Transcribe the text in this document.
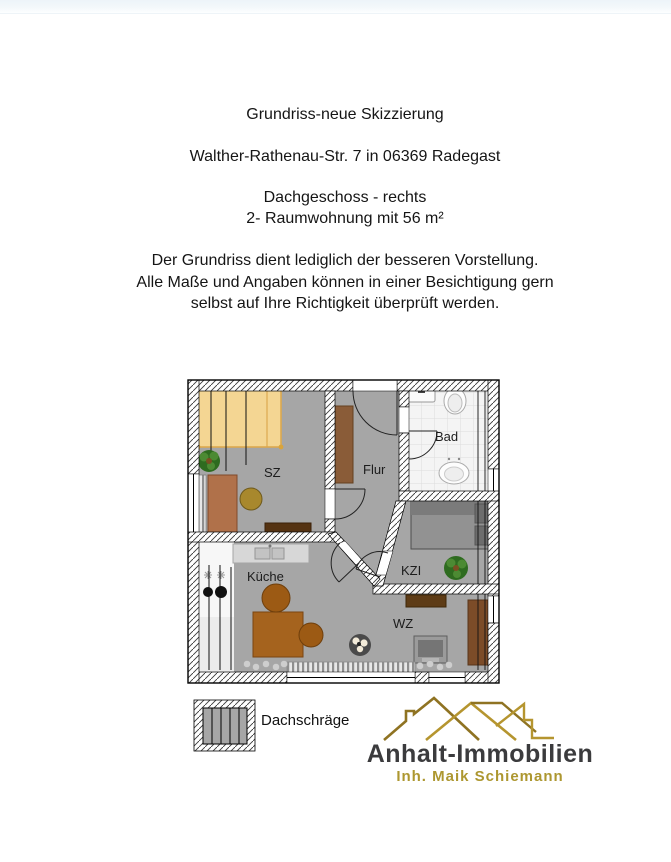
Grundriss-neue Skizzierung
Walther-Rathenau-Str. 7 in 06369 Radegast
Dachgeschoss - rechts
2- Raumwohnung mit 56 m²
Der Grundriss dient lediglich der besseren Vorstellung.
Alle Maße und Angaben können in einer Besichtigung gern
selbst auf Ihre Richtigkeit überprüft werden.
SZ	Flur
Bad
KZI
Küche
WZ
Dachschräge
Anhalt-Immobilien
Inh. Maik Schiemann
